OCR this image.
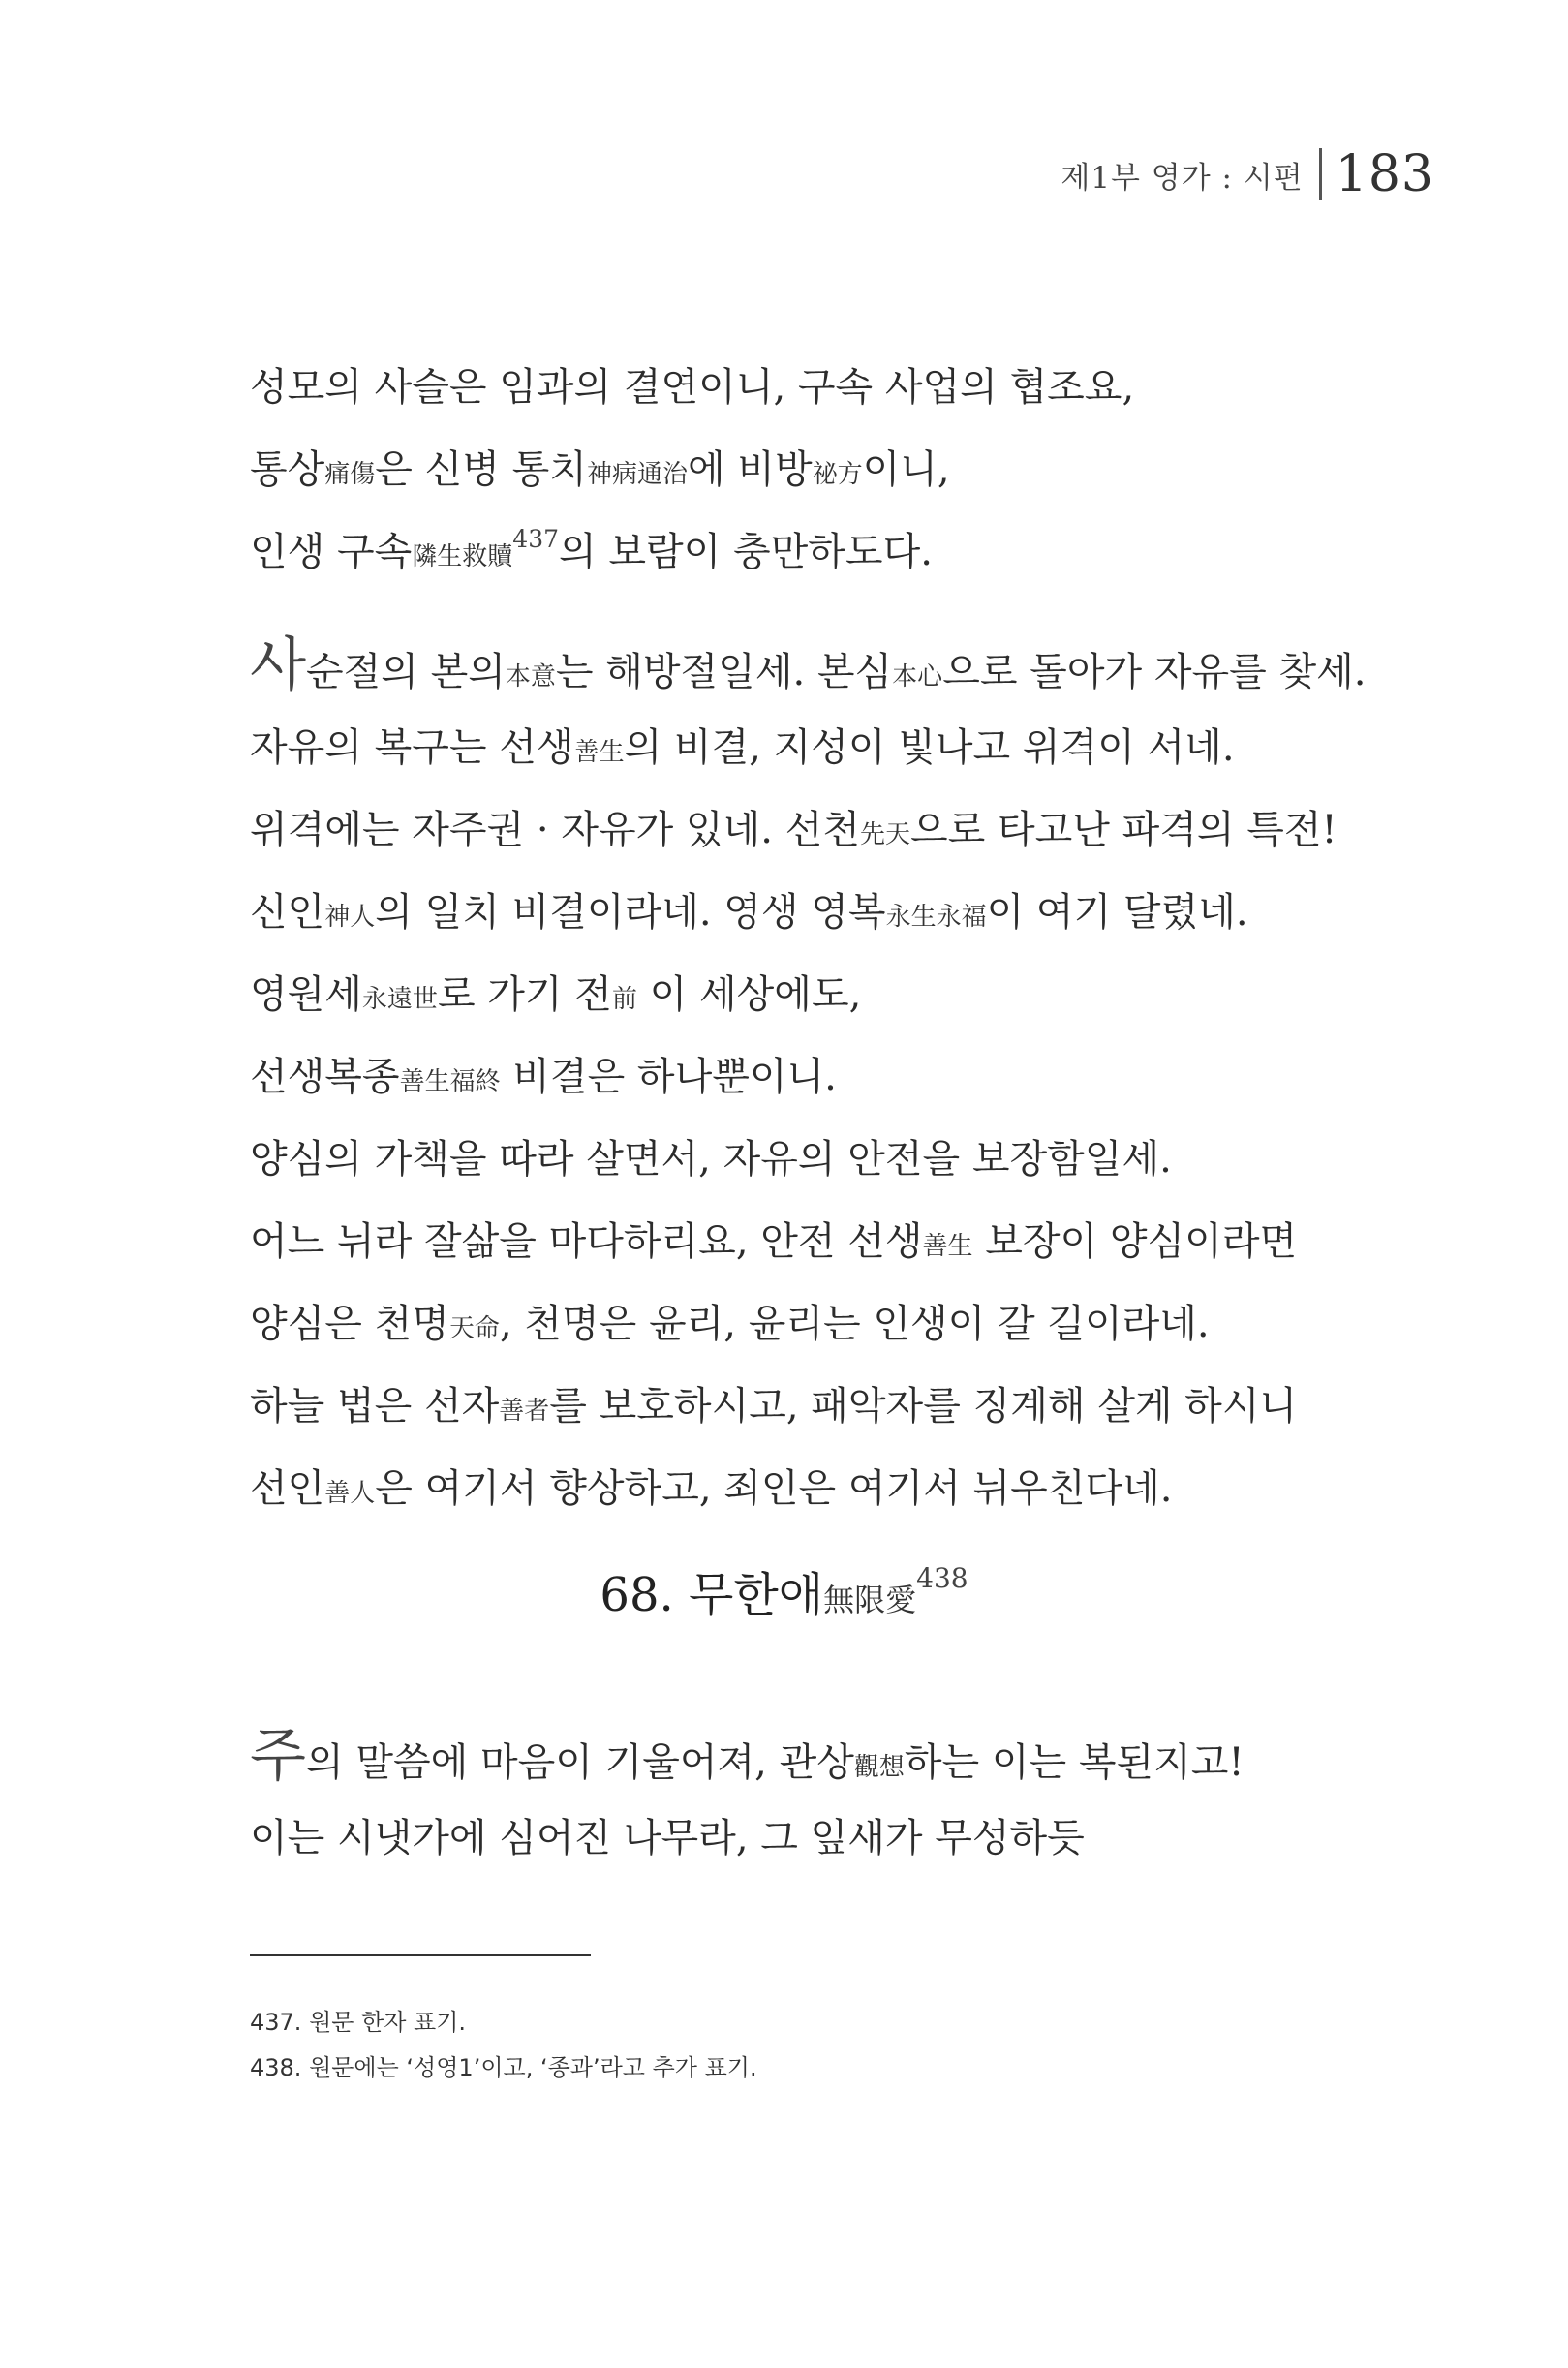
제1부 영가 : 시편 183
성모의 사슬은 임과의 결연이니, 구속 사업의 협조요,
통상痛傷은 신병 통치神病通治에 비방祕方이니,
인생 구속隣生救贖$^{437}$의 보람이 충만하도다.
사순절의 본의本意는 해방절일세. 본심本心으로 돌아가 자유를 찾세.
자유의 복구는 선생善生의 비결, 지성이 빛나고 위격이 서네.
위격에는 자주권 · 자유가 있네. 선천先天으로 타고난 파격의 특전!
신인神人의 일치 비결이라네. 영생 영복永生永福이 여기 달렸네.
영원세永遠世로 가기 전前 이 세상에도,
선생복종善生福終 비결은 하나뿐이니.
양심의 가책을 따라 살면서, 자유의 안전을 보장함일세.
어느 뉘라 잘삶을 마다하리요, 안전 선생善生 보장이 양심이라면
양심은 천명天命, 천명은 윤리, 윤리는 인생이 갈 길이라네.
하늘 법은 선자善者를 보호하시고, 패악자를 징계해 살게 하시니
선인善人은 여기서 향상하고, 죄인은 여기서 뉘우친다네.
68. 무한애無限愛$^{438}$
주의 말씀에 마음이 기울어져, 관상觀想하는 이는 복된지고!
이는 시냇가에 심어진 나무라, 그 잎새가 무성하듯
437. 원문 한자 표기.
438. 원문에는 ‘성영1’이고, ‘종과’라고 추가 표기.
